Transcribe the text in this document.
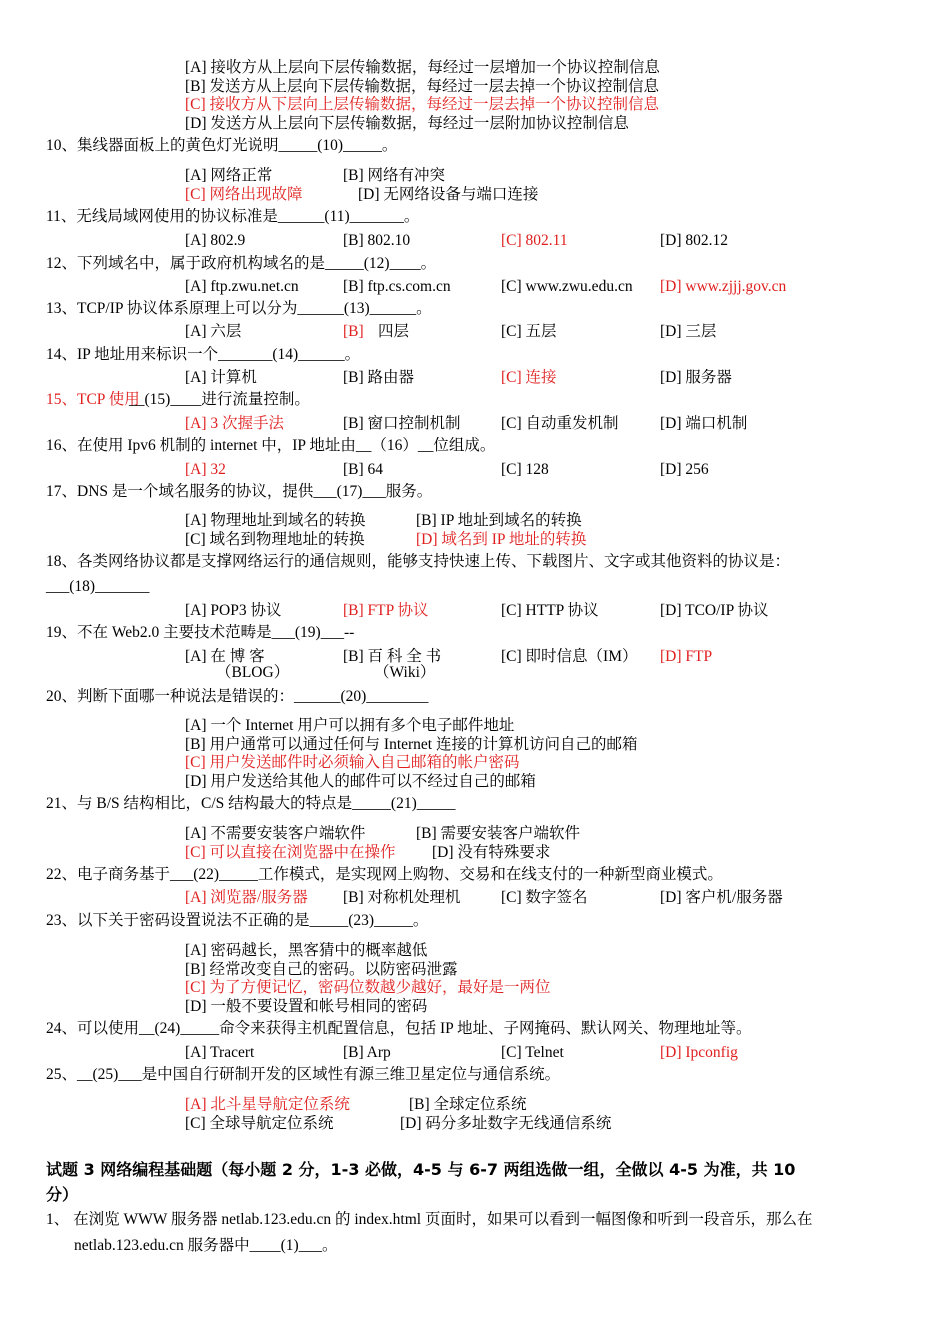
[A] 接收方从上层向下层传输数据，每经过一层增加一个协议控制信息
[B] 发送方从上层向下层传输数据，每经过一层去掉一个协议控制信息
[C] 接收方从下层向上层传输数据，每经过一层去掉一个协议控制信息
[D] 发送方从上层向下层传输数据，每经过一层附加协议控制信息
10、集线器面板上的黄色灯光说明_____(10)_____。
[A] 网络正常	[B] 网络有冲突
[C] 网络出现故障	[D] 无网络设备与端口连接
11、无线局域网使用的协议标准是______(11)_______。
[A] 802.9	[B] 802.10	[C] 802.11	[D] 802.12
12、下列域名中，属于政府机构域名的是_____(12)____。
[A] ftp.zwu.net.cn	[B] ftp.cs.com.cn	[C] www.zwu.edu.cn [D] www.zjjj.gov.cn
13、TCP/IP 协议体系原理上可以分为______(13)______。
[A] 六层	[B] 四层	[C] 五层	[D] 三层
14、IP 地址用来标识一个_______(14)______。
[A] 计算机	[B] 路由器	[C] 连接	[D] 服务器
15、TCP 使用
__(15)____进行流量控制。
[A] 3 次握手法	[B] 窗口控制机制	[C] 自动重发机制	[D] 端口机制
16、在使用 Ipv6 机制的 internet 中，IP 地址由__（16）__位组成。
[A] 32	[B] 64	[C] 128	[D] 256
17、DNS 是一个域名服务的协议，提供___(17)___服务。
[A] 物理地址到域名的转换	[B] IP 地址到域名的转换
[C] 域名到物理地址的转换	[D] 域名到 IP 地址的转换
18、各类网络协议都是支撑网络运行的通信规则，能够支持快速上传、下载图片、文字或其他资料的协议是：
___(18)_______
[A] POP3 协议	[B] FTP 协议	[C] HTTP 协议	[D] TCO/IP 协议
19、不在 Web2.0 主要技术范畴是___(19)___--
[A] 在 博 客	[B] 百 科 全 书	[C] 即时信息（IM） [D] FTP
（BLOG）	（Wiki）
20、判断下面哪一种说法是错误的：______(20)________
[A] 一个 Internet 用户可以拥有多个电子邮件地址
[B] 用户通常可以通过任何与 Internet 连接的计算机访问自己的邮箱
[C] 用户发送邮件时必须输入自己邮箱的帐户密码
[D] 用户发送给其他人的邮件可以不经过自己的邮箱
21、与 B/S 结构相比，C/S 结构最大的特点是_____(21)_____
[A] 不需要安装客户端软件	[B] 需要安装客户端软件
[C] 可以直接在浏览器中在操作 [D] 没有特殊要求
22、电子商务基于___(22)_____工作模式，是实现网上购物、交易和在线支付的一种新型商业模式。
[A] 浏览器/服务器 [B] 对称机处理机	[C] 数字签名	[D] 客户机/服务器
23、以下关于密码设置说法不正确的是_____(23)_____。
[A] 密码越长，黑客猜中的概率越低
[B] 经常改变自己的密码。以防密码泄露
[C] 为了方便记忆，密码位数越少越好，最好是一两位
[D] 一般不要设置和帐号相同的密码
24、可以使用__(24)_____命令来获得主机配置信息，包括 IP 地址、子网掩码、默认网关、物理地址等。
[A] Tracert	[B] Arp	[C] Telnet	[D] Ipconfig
25、__(25)___是中国自行研制开发的区域性有源三维卫星定位与通信系统。
[A] 北斗星导航定位系统	[B] 全球定位系统
[C] 全球导航定位系统	[D] 码分多址数字无线通信系统
试题 3 网络编程基础题（每小题 2 分，1-3 必做，4-5 与 6-7 两组选做一组，全做以 4-5 为准，共 10
分）
1、 在浏览 WWW 服务器 netlab.123.edu.cn 的 index.html 页面时，如果可以看到一幅图像和听到一段音乐，那么在
netlab.123.edu.cn 服务器中____(1)___。
